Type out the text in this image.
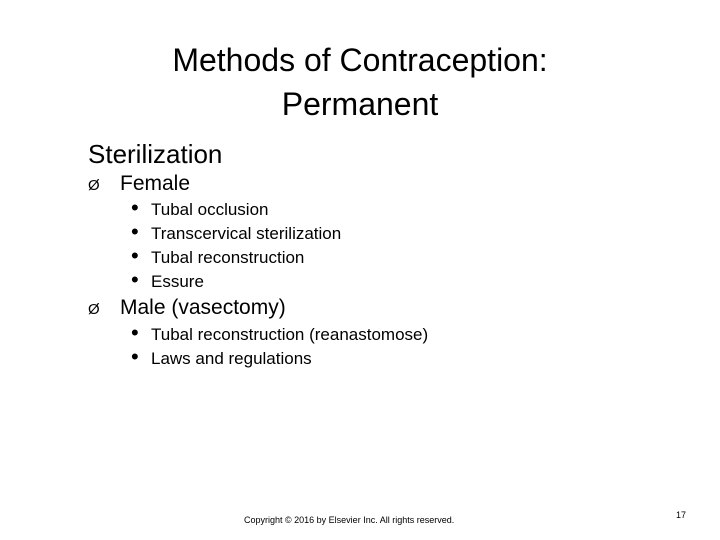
Methods of Contraception:
Permanent
Sterilization
Ø Female
• Tubal occlusion
• Transcervical sterilization
• Tubal reconstruction
• Essure
Ø Male (vasectomy)
• Tubal reconstruction (reanastomose)
• Laws and regulations
Copyright © 2016 by Elsevier Inc. All rights reserved.	17
